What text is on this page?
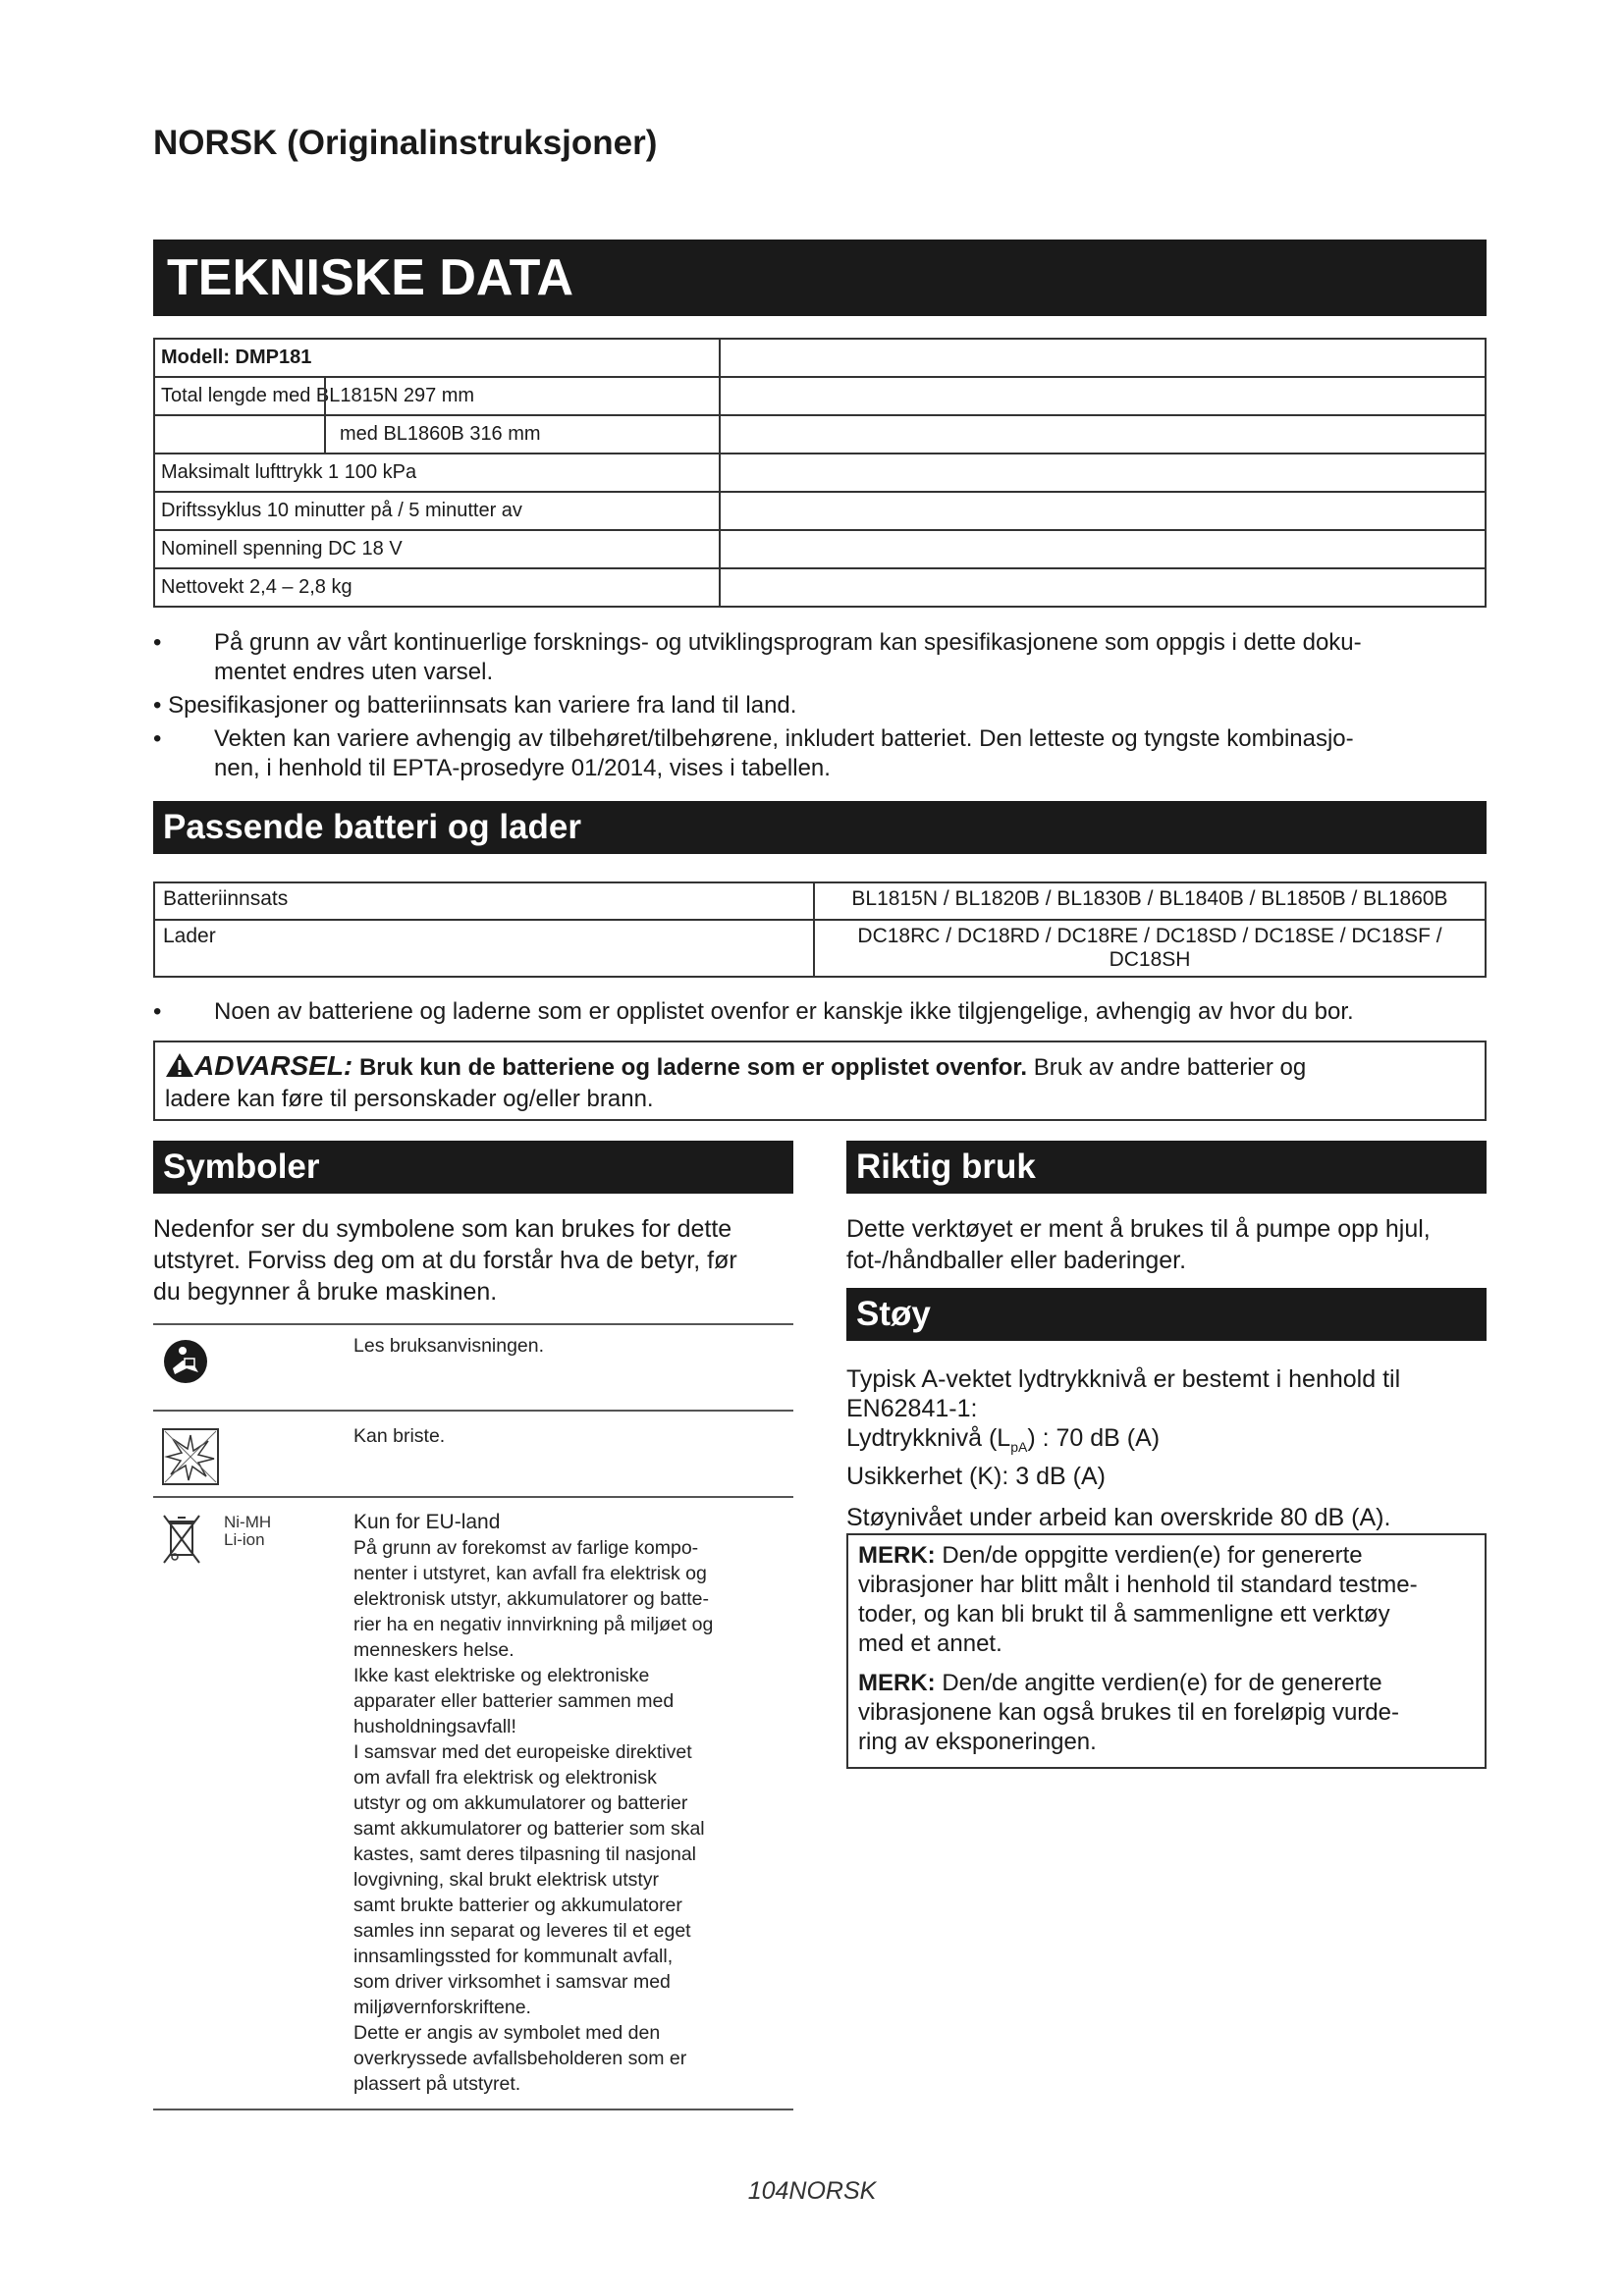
NORSK (Originalinstruksjoner)
TEKNISKE DATA
Modell: DMP181	
Total lengde med BL1815N 297 mm

med BL1860B 316 mm	
Maksimalt lufttrykk 1 100 kPa	
Driftssyklus 10 minutter på / 5 minutter av	
Nominell spenning DC 18 V	
Nettovekt 2,4 – 2,8 kg	
• På grunn av vårt kontinuerlige forsknings- og utviklingsprogram kan spesifikasjonene som oppgis i dette doku-
mentet endres uten varsel.
• Spesifikasjoner og batteriinnsats kan variere fra land til land.
• Vekten kan variere avhengig av tilbehøret/tilbehørene, inkludert batteriet. Den letteste og tyngste kombinasjo-
nen, i henhold til EPTA-prosedyre 01/2014, vises i tabellen.
Passende batteri og lader
Batteriinnsats	BL1815N / BL1820B / BL1830B / BL1840B / BL1850B / BL1860B
Lader	DC18RC / DC18RD / DC18RE / DC18SD / DC18SE / DC18SF /
DC18SH
• Noen av batteriene og laderne som er opplistet ovenfor er kanskje ikke tilgjengelige, avhengig av hvor du bor.
ADVARSEL: Bruk kun de batteriene og laderne som er opplistet ovenfor. Bruk av andre batterier og
ladere kan føre til personskader og/eller brann.
Symboler
Nedenfor ser du symbolene som kan brukes for dette
utstyret. Forviss deg om at du forstår hva de betyr, før
du begynner å bruke maskinen.
Les bruksanvisningen.
Kan briste.
Ni-MH
Li-ion
Kun for EU-land
På grunn av forekomst av farlige kompo-
nenter i utstyret, kan avfall fra elektrisk og
elektronisk utstyr, akkumulatorer og batte-
rier ha en negativ innvirkning på miljøet og
menneskers helse.
Ikke kast elektriske og elektroniske
apparater eller batterier sammen med
husholdningsavfall!
I samsvar med det europeiske direktivet
om avfall fra elektrisk og elektronisk
utstyr og om akkumulatorer og batterier
samt akkumulatorer og batterier som skal
kastes, samt deres tilpasning til nasjonal
lovgivning, skal brukt elektrisk utstyr
samt brukte batterier og akkumulatorer
samles inn separat og leveres til et eget
innsamlingssted for kommunalt avfall,
som driver virksomhet i samsvar med
miljøvernforskriftene.
Dette er angis av symbolet med den
overkryssede avfallsbeholderen som er
plassert på utstyret.
Riktig bruk
Dette verktøyet er ment å brukes til å pumpe opp hjul,
fot-/håndballer eller baderinger.
Støy
Typisk A-vektet lydtrykknivå er bestemt i henhold til
EN62841-1:
Lydtrykknivå $(L_{pA})$ : 70 dB (A)
Usikkerhet (K): 3 dB (A)
Støynivået under arbeid kan overskride 80 dB (A).
MERK: Den/de oppgitte verdien(e) for genererte
vibrasjoner har blitt målt i henhold til standard testme-
toder, og kan bli brukt til å sammenligne ett verktøy
med et annet.
MERK: Den/de angitte verdien(e) for de genererte
vibrasjonene kan også brukes til en foreløpig vurde-
ring av eksponeringen.
104NORSK
